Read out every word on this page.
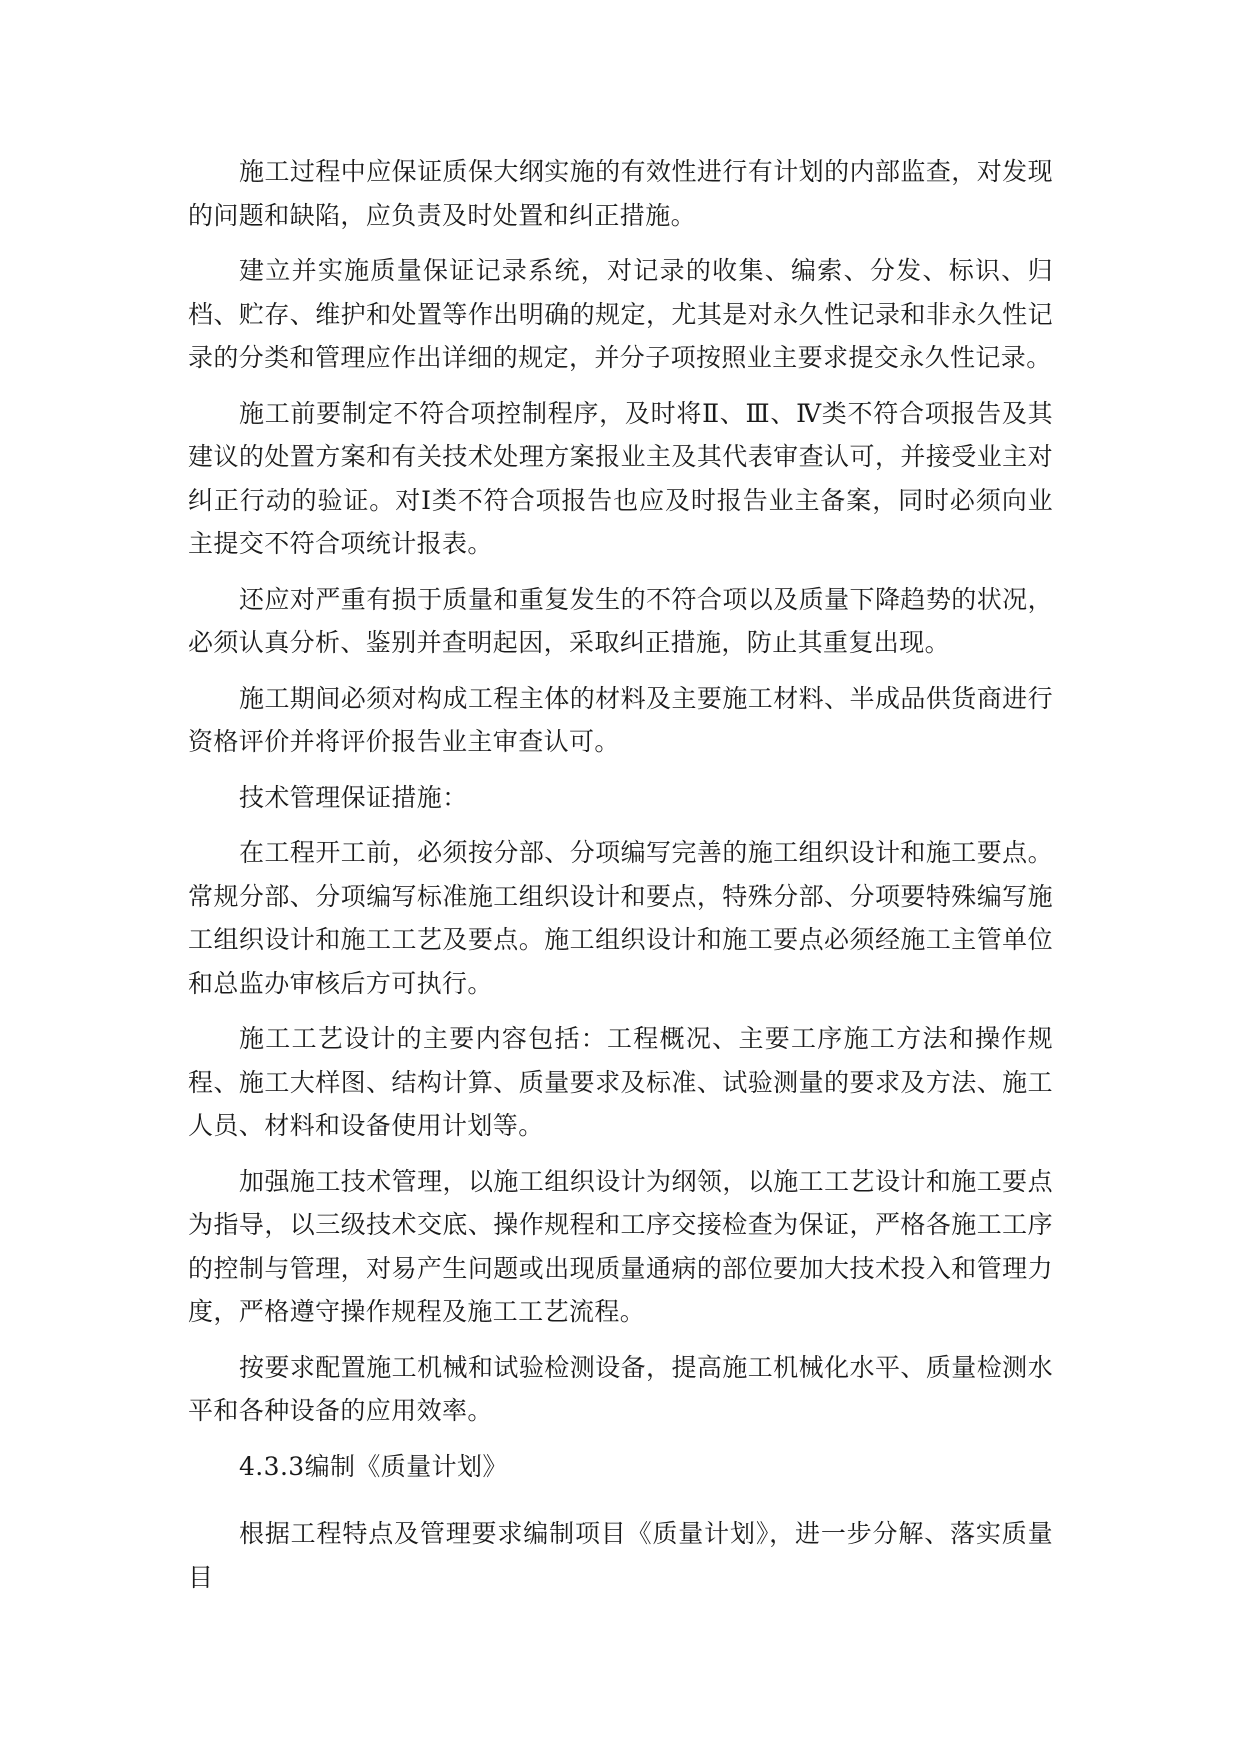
施工过程中应保证质保大纲实施的有效性进行有计划的内部监查，对发现的问题和缺陷，应负责及时处置和纠正措施。

建立并实施质量保证记录系统，对记录的收集、编索、分发、标识、归档、贮存、维护和处置等作出明确的规定，尤其是对永久性记录和非永久性记录的分类和管理应作出详细的规定，并分子项按照业主要求提交永久性记录。

施工前要制定不符合项控制程序，及时将Ⅱ、Ⅲ、Ⅳ类不符合项报告及其建议的处置方案和有关技术处理方案报业主及其代表审查认可，并接受业主对纠正行动的验证。对Ⅰ类不符合项报告也应及时报告业主备案，同时必须向业主提交不符合项统计报表。

还应对严重有损于质量和重复发生的不符合项以及质量下降趋势的状况，必须认真分析、鉴别并查明起因，采取纠正措施，防止其重复出现。

施工期间必须对构成工程主体的材料及主要施工材料、半成品供货商进行资格评价并将评价报告业主审查认可。

技术管理保证措施：

在工程开工前，必须按分部、分项编写完善的施工组织设计和施工要点。常规分部、分项编写标准施工组织设计和要点，特殊分部、分项要特殊编写施工组织设计和施工工艺及要点。施工组织设计和施工要点必须经施工主管单位和总监办审核后方可执行。

施工工艺设计的主要内容包括：工程概况、主要工序施工方法和操作规程、施工大样图、结构计算、质量要求及标准、试验测量的要求及方法、施工人员、材料和设备使用计划等。

加强施工技术管理，以施工组织设计为纲领，以施工工艺设计和施工要点为指导，以三级技术交底、操作规程和工序交接检查为保证，严格各施工工序的控制与管理，对易产生问题或出现质量通病的部位要加大技术投入和管理力度，严格遵守操作规程及施工工艺流程。

按要求配置施工机械和试验检测设备，提高施工机械化水平、质量检测水平和各种设备的应用效率。

4.3.3编制《质量计划》

根据工程特点及管理要求编制项目《质量计划》，进一步分解、落实质量目
